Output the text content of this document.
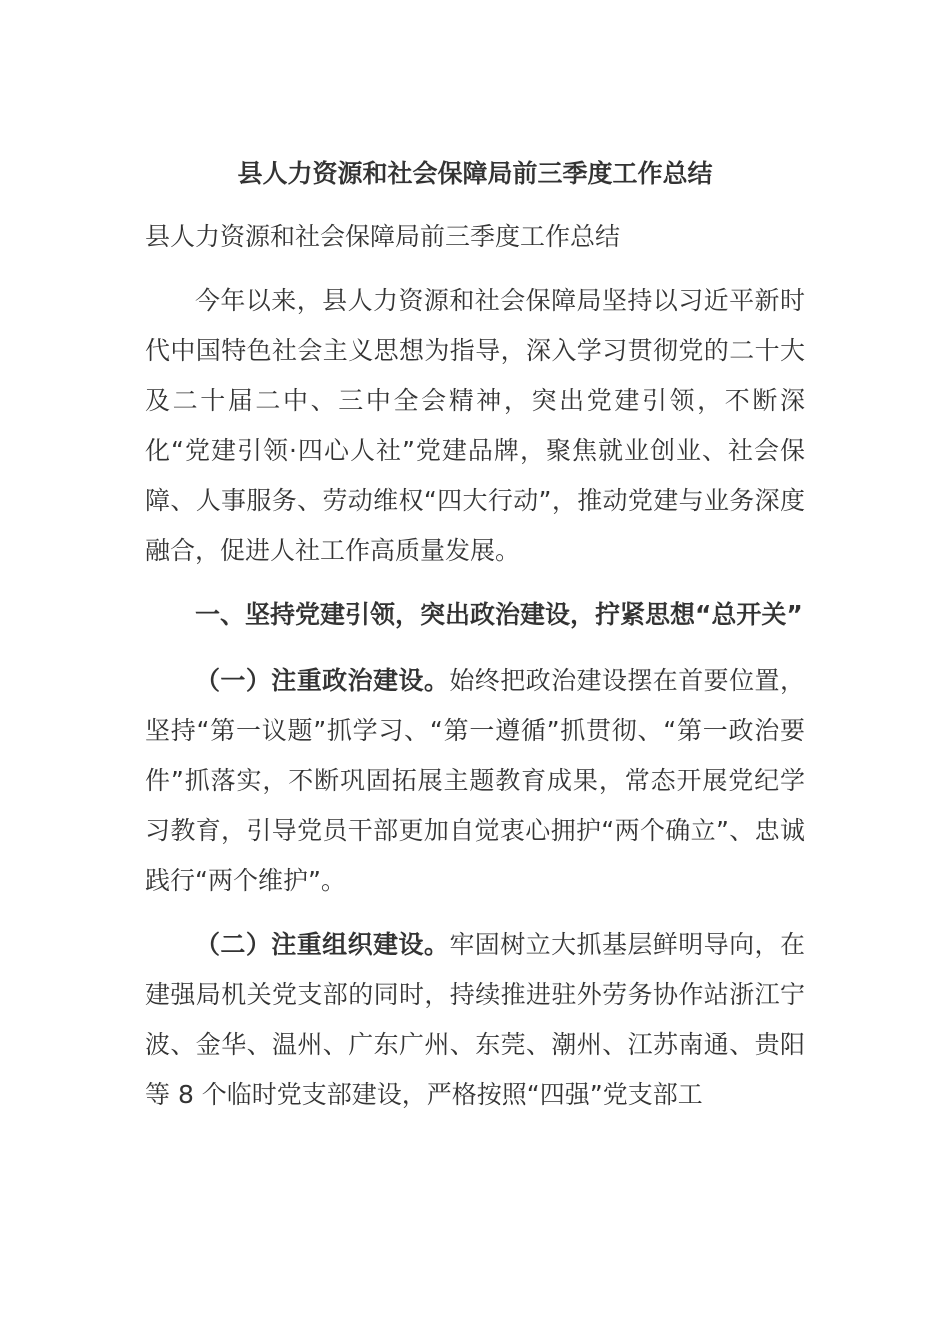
县人力资源和社会保障局前三季度工作总结
县人力资源和社会保障局前三季度工作总结

今年以来，县人力资源和社会保障局坚持以习近平新时代中国特色社会主义思想为指导，深入学习贯彻党的二十大及二十届二中、三中全会精神，突出党建引领，不断深化“党建引领·四心人社”党建品牌，聚焦就业创业、社会保障、人事服务、劳动维权“四大行动”，推动党建与业务深度融合，促进人社工作高质量发展。

一、坚持党建引领，突出政治建设，拧紧思想“总开关”

（一）注重政治建设。始终把政治建设摆在首要位置，坚持“第一议题”抓学习、“第一遵循”抓贯彻、“第一政治要件”抓落实，不断巩固拓展主题教育成果，常态开展党纪学习教育，引导党员干部更加自觉衷心拥护“两个确立”、忠诚践行“两个维护”。

（二）注重组织建设。牢固树立大抓基层鲜明导向，在建强局机关党支部的同时，持续推进驻外劳务协作站浙江宁波、金华、温州、广东广州、东莞、潮州、江苏南通、贵阳等 8 个临时党支部建设，严格按照“四强”党支部工
